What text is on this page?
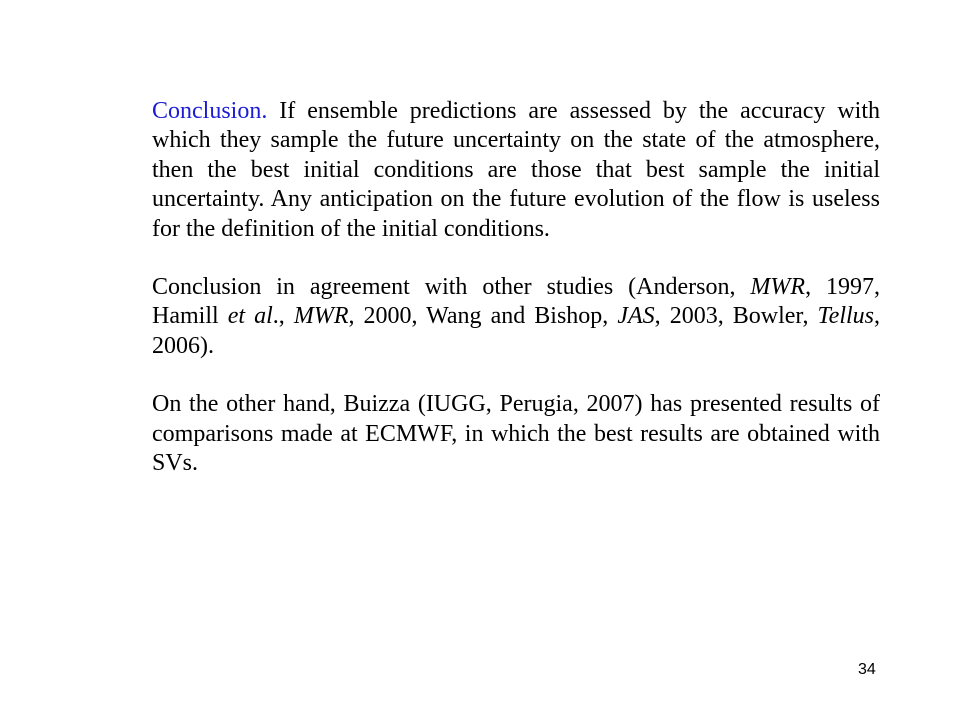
Conclusion. If ensemble predictions are assessed by the accuracy with which they sample the future uncertainty on the state of the atmosphere, then the best initial conditions are those that best sample the initial uncertainty. Any anticipation on the future evolution of the flow is useless for the definition of the initial conditions.

Conclusion in agreement with other studies (Anderson, MWR, 1997, Hamill et al., MWR, 2000, Wang and Bishop, JAS, 2003, Bowler, Tellus, 2006).

On the other hand, Buizza (IUGG, Perugia, 2007) has presented results of comparisons made at ECMWF, in which the best results are obtained with SVs.

34
